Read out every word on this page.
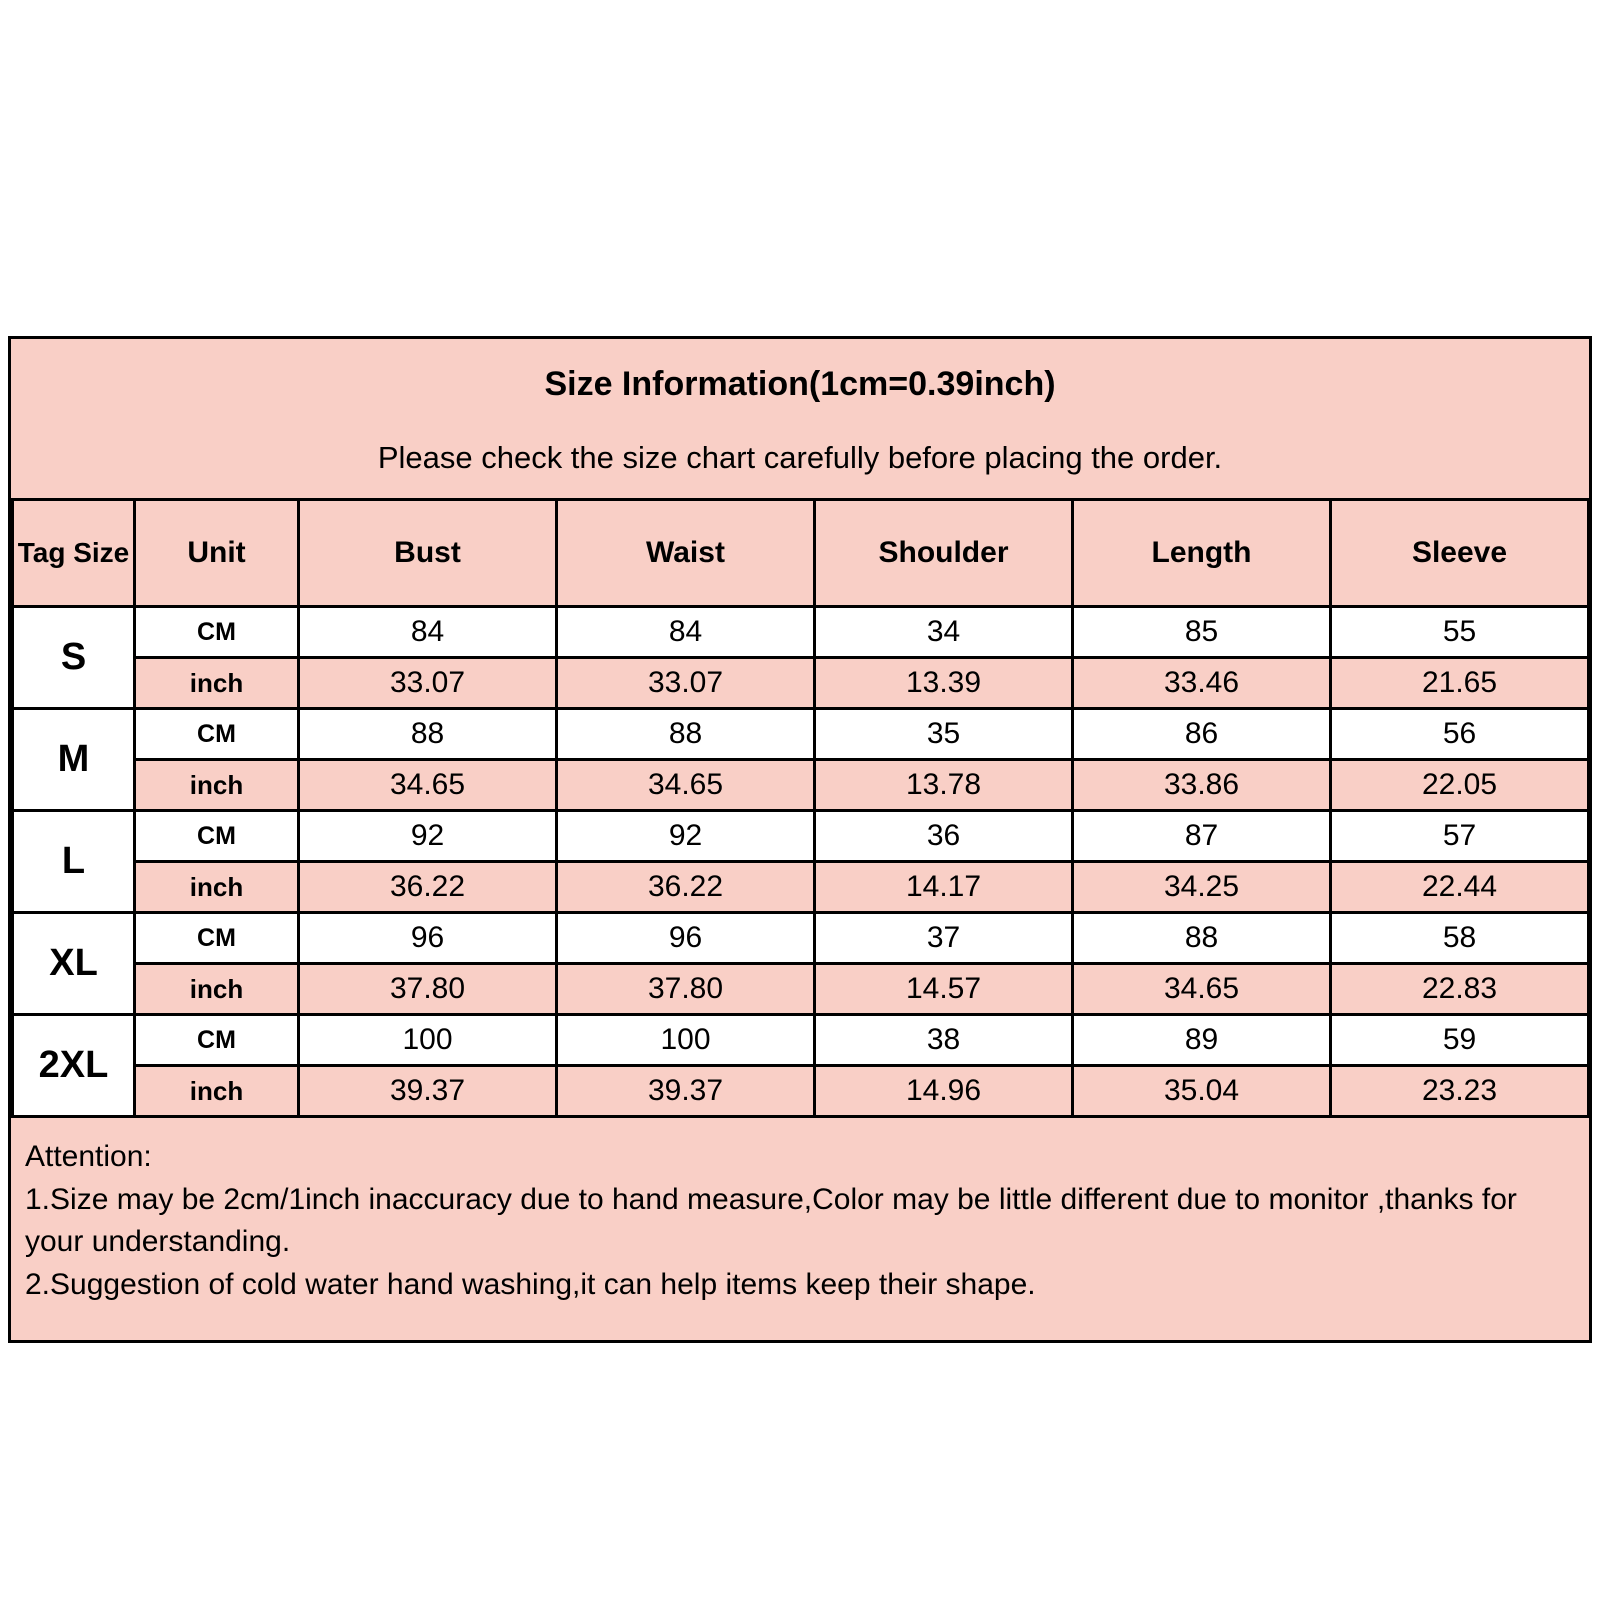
Size Information(1cm=0.39inch)
Please check the size chart carefully before placing the order.
Tag Size	Unit	Bust	Waist	Shoulder	Length	Sleeve
S	CM	84	84	34	85	55
	inch	33.07	33.07	13.39	33.46	21.65
M	CM	88	88	35	86	56
	inch	34.65	34.65	13.78	33.86	22.05
L	CM	92	92	36	87	57
	inch	36.22	36.22	14.17	34.25	22.44
XL	CM	96	96	37	88	58
	inch	37.80	37.80	14.57	34.65	22.83
2XL	CM	100	100	38	89	59
	inch	39.37	39.37	14.96	35.04	23.23
Attention:
1.Size may be 2cm/1inch inaccuracy due to hand measure,Color may be little different due to monitor ,thanks for your understanding.
2.Suggestion of cold water hand washing,it can help items keep their shape.
